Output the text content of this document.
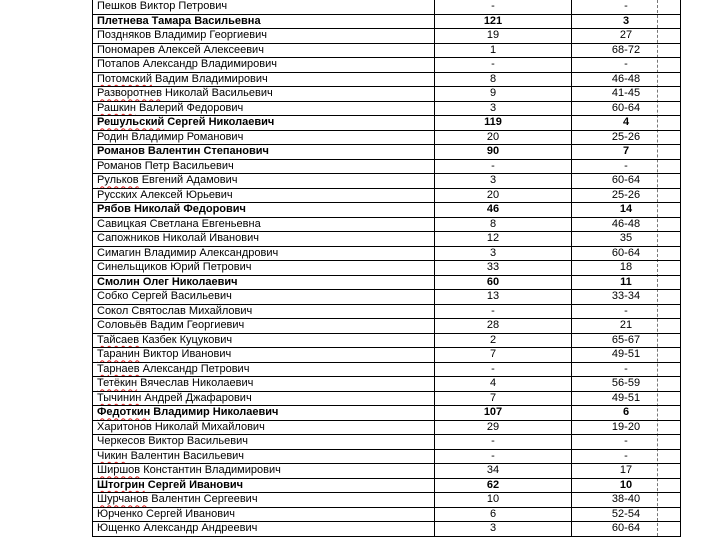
Пешков Виктор Петрович	-	-
Плетнева Тамара Васильевна	121	3
Поздняков Владимир Георгиевич	19	27
Пономарев Алексей Алексеевич	1	68-72
Потапов Александр Владимирович	-	-
Потомский Вадим Владимирович	8	46-48
Разворотнев Николай Васильевич	9	41-45
Рашкин Валерий Федорович	3	60-64
Решульский Сергей Николаевич	119	4
Родин Владимир Романович	20	25-26
Романов Валентин Степанович	90	7
Романов Петр Васильевич	-	-
Рульков Евгений Адамович	3	60-64
Русских Алексей Юрьевич	20	25-26
Рябов Николай Федорович	46	14
Савицкая Светлана Евгеньевна	8	46-48
Сапожников Николай Иванович	12	35
Симагин Владимир Александрович	3	60-64
Синельщиков Юрий Петрович	33	18
Смолин Олег Николаевич	60	11
Собко Сергей Васильевич	13	33-34
Сокол Святослав Михайлович	-	-
Соловьёв Вадим Георгиевич	28	21
Тайсаев Казбек Куцукович	2	65-67
Таранин Виктор Иванович	7	49-51
Тарнаев Александр Петрович	-	-
Тетёкин Вячеслав Николаевич	4	56-59
Тычинин Андрей Джафарович	7	49-51
Федоткин Владимир Николаевич	107	6
Харитонов Николай Михайлович	29	19-20
Черкесов Виктор Васильевич	-	-
Чикин Валентин Васильевич	-	-
Ширшов Константин Владимирович	34	17
Штогрин Сергей Иванович	62	10
Шурчанов Валентин Сергеевич	10	38-40
Юрченко Сергей Иванович	6	52-54
Ющенко Александр Андреевич	3	60-64
